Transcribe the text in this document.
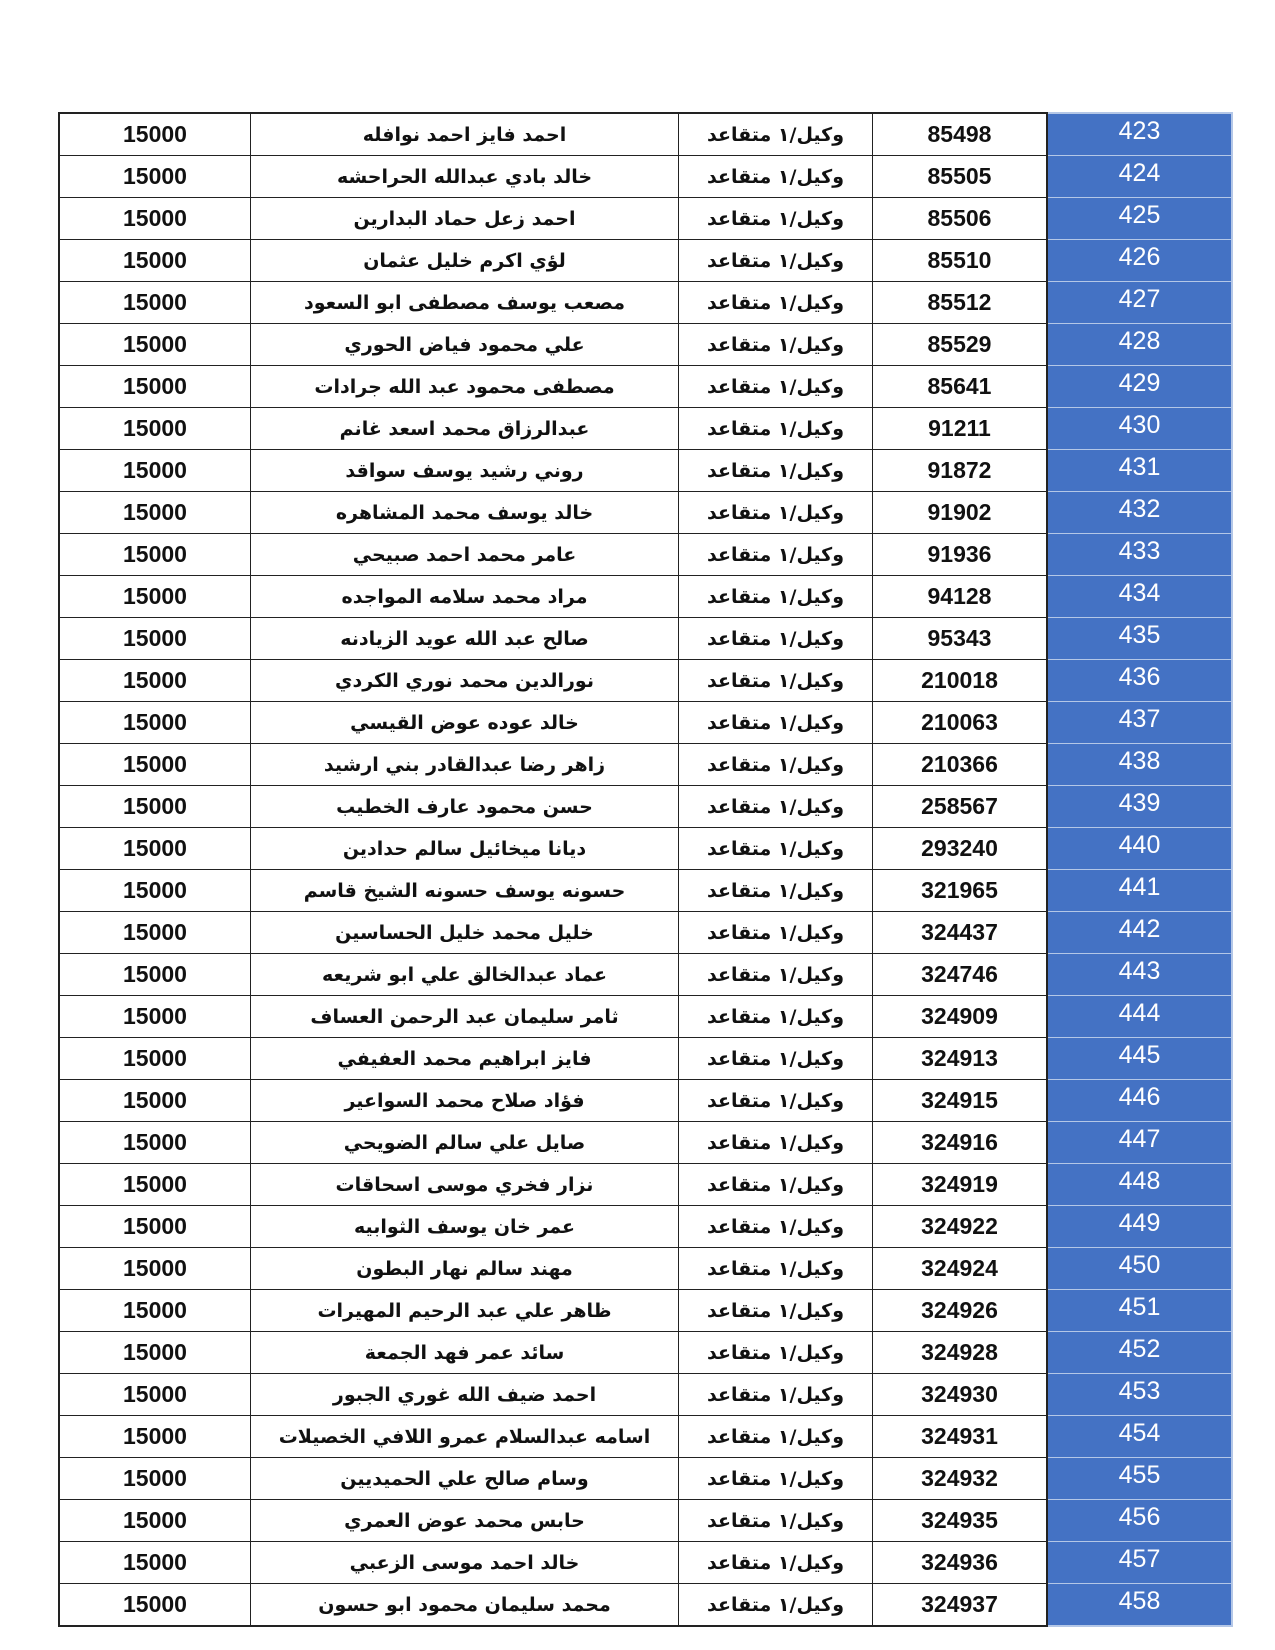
15000	احمد فايز احمد نوافله	وكيل/١ متقاعد	85498	423
15000	خالد بادي عبدالله الحراحشه	وكيل/١ متقاعد	85505	424
15000	احمد زعل حماد البدارين	وكيل/١ متقاعد	85506	425
15000	لؤي اكرم خليل عثمان	وكيل/١ متقاعد	85510	426
15000	مصعب يوسف مصطفى ابو السعود	وكيل/١ متقاعد	85512	427
15000	علي محمود فياض الحوري	وكيل/١ متقاعد	85529	428
15000	مصطفى محمود عبد الله جرادات	وكيل/١ متقاعد	85641	429
15000	عبدالرزاق محمد اسعد غانم	وكيل/١ متقاعد	91211	430
15000	روني رشيد يوسف سواقد	وكيل/١ متقاعد	91872	431
15000	خالد يوسف محمد المشاهره	وكيل/١ متقاعد	91902	432
15000	عامر محمد احمد صبيحي	وكيل/١ متقاعد	91936	433
15000	مراد محمد سلامه المواجده	وكيل/١ متقاعد	94128	434
15000	صالح عبد الله عويد الزيادنه	وكيل/١ متقاعد	95343	435
15000	نورالدين محمد نوري الكردي	وكيل/١ متقاعد	210018	436
15000	خالد عوده عوض القيسي	وكيل/١ متقاعد	210063	437
15000	زاهر رضا عبدالقادر بني ارشيد	وكيل/١ متقاعد	210366	438
15000	حسن محمود عارف الخطيب	وكيل/١ متقاعد	258567	439
15000	ديانا ميخائيل سالم حدادين	وكيل/١ متقاعد	293240	440
15000	حسونه يوسف حسونه الشيخ قاسم	وكيل/١ متقاعد	321965	441
15000	خليل محمد خليل الحساسين	وكيل/١ متقاعد	324437	442
15000	عماد عبدالخالق علي ابو شريعه	وكيل/١ متقاعد	324746	443
15000	ثامر سليمان عبد الرحمن العساف	وكيل/١ متقاعد	324909	444
15000	فايز ابراهيم محمد العفيفي	وكيل/١ متقاعد	324913	445
15000	فؤاد صلاح محمد السواعير	وكيل/١ متقاعد	324915	446
15000	صايل علي سالم الضويحي	وكيل/١ متقاعد	324916	447
15000	نزار فخري موسى اسحاقات	وكيل/١ متقاعد	324919	448
15000	عمر خان يوسف الثوابيه	وكيل/١ متقاعد	324922	449
15000	مهند سالم نهار البطون	وكيل/١ متقاعد	324924	450
15000	ظاهر علي عبد الرحيم المهيرات	وكيل/١ متقاعد	324926	451
15000	سائد عمر فهد الجمعة	وكيل/١ متقاعد	324928	452
15000	احمد ضيف الله غوري الجبور	وكيل/١ متقاعد	324930	453
15000	اسامه عبدالسلام عمرو اللافي الخصيلات	وكيل/١ متقاعد	324931	454
15000	وسام صالح علي الحميديين	وكيل/١ متقاعد	324932	455
15000	حابس محمد عوض العمري	وكيل/١ متقاعد	324935	456
15000	خالد احمد موسى الزعبي	وكيل/١ متقاعد	324936	457
15000	محمد سليمان محمود ابو حسون	وكيل/١ متقاعد	324937	458
